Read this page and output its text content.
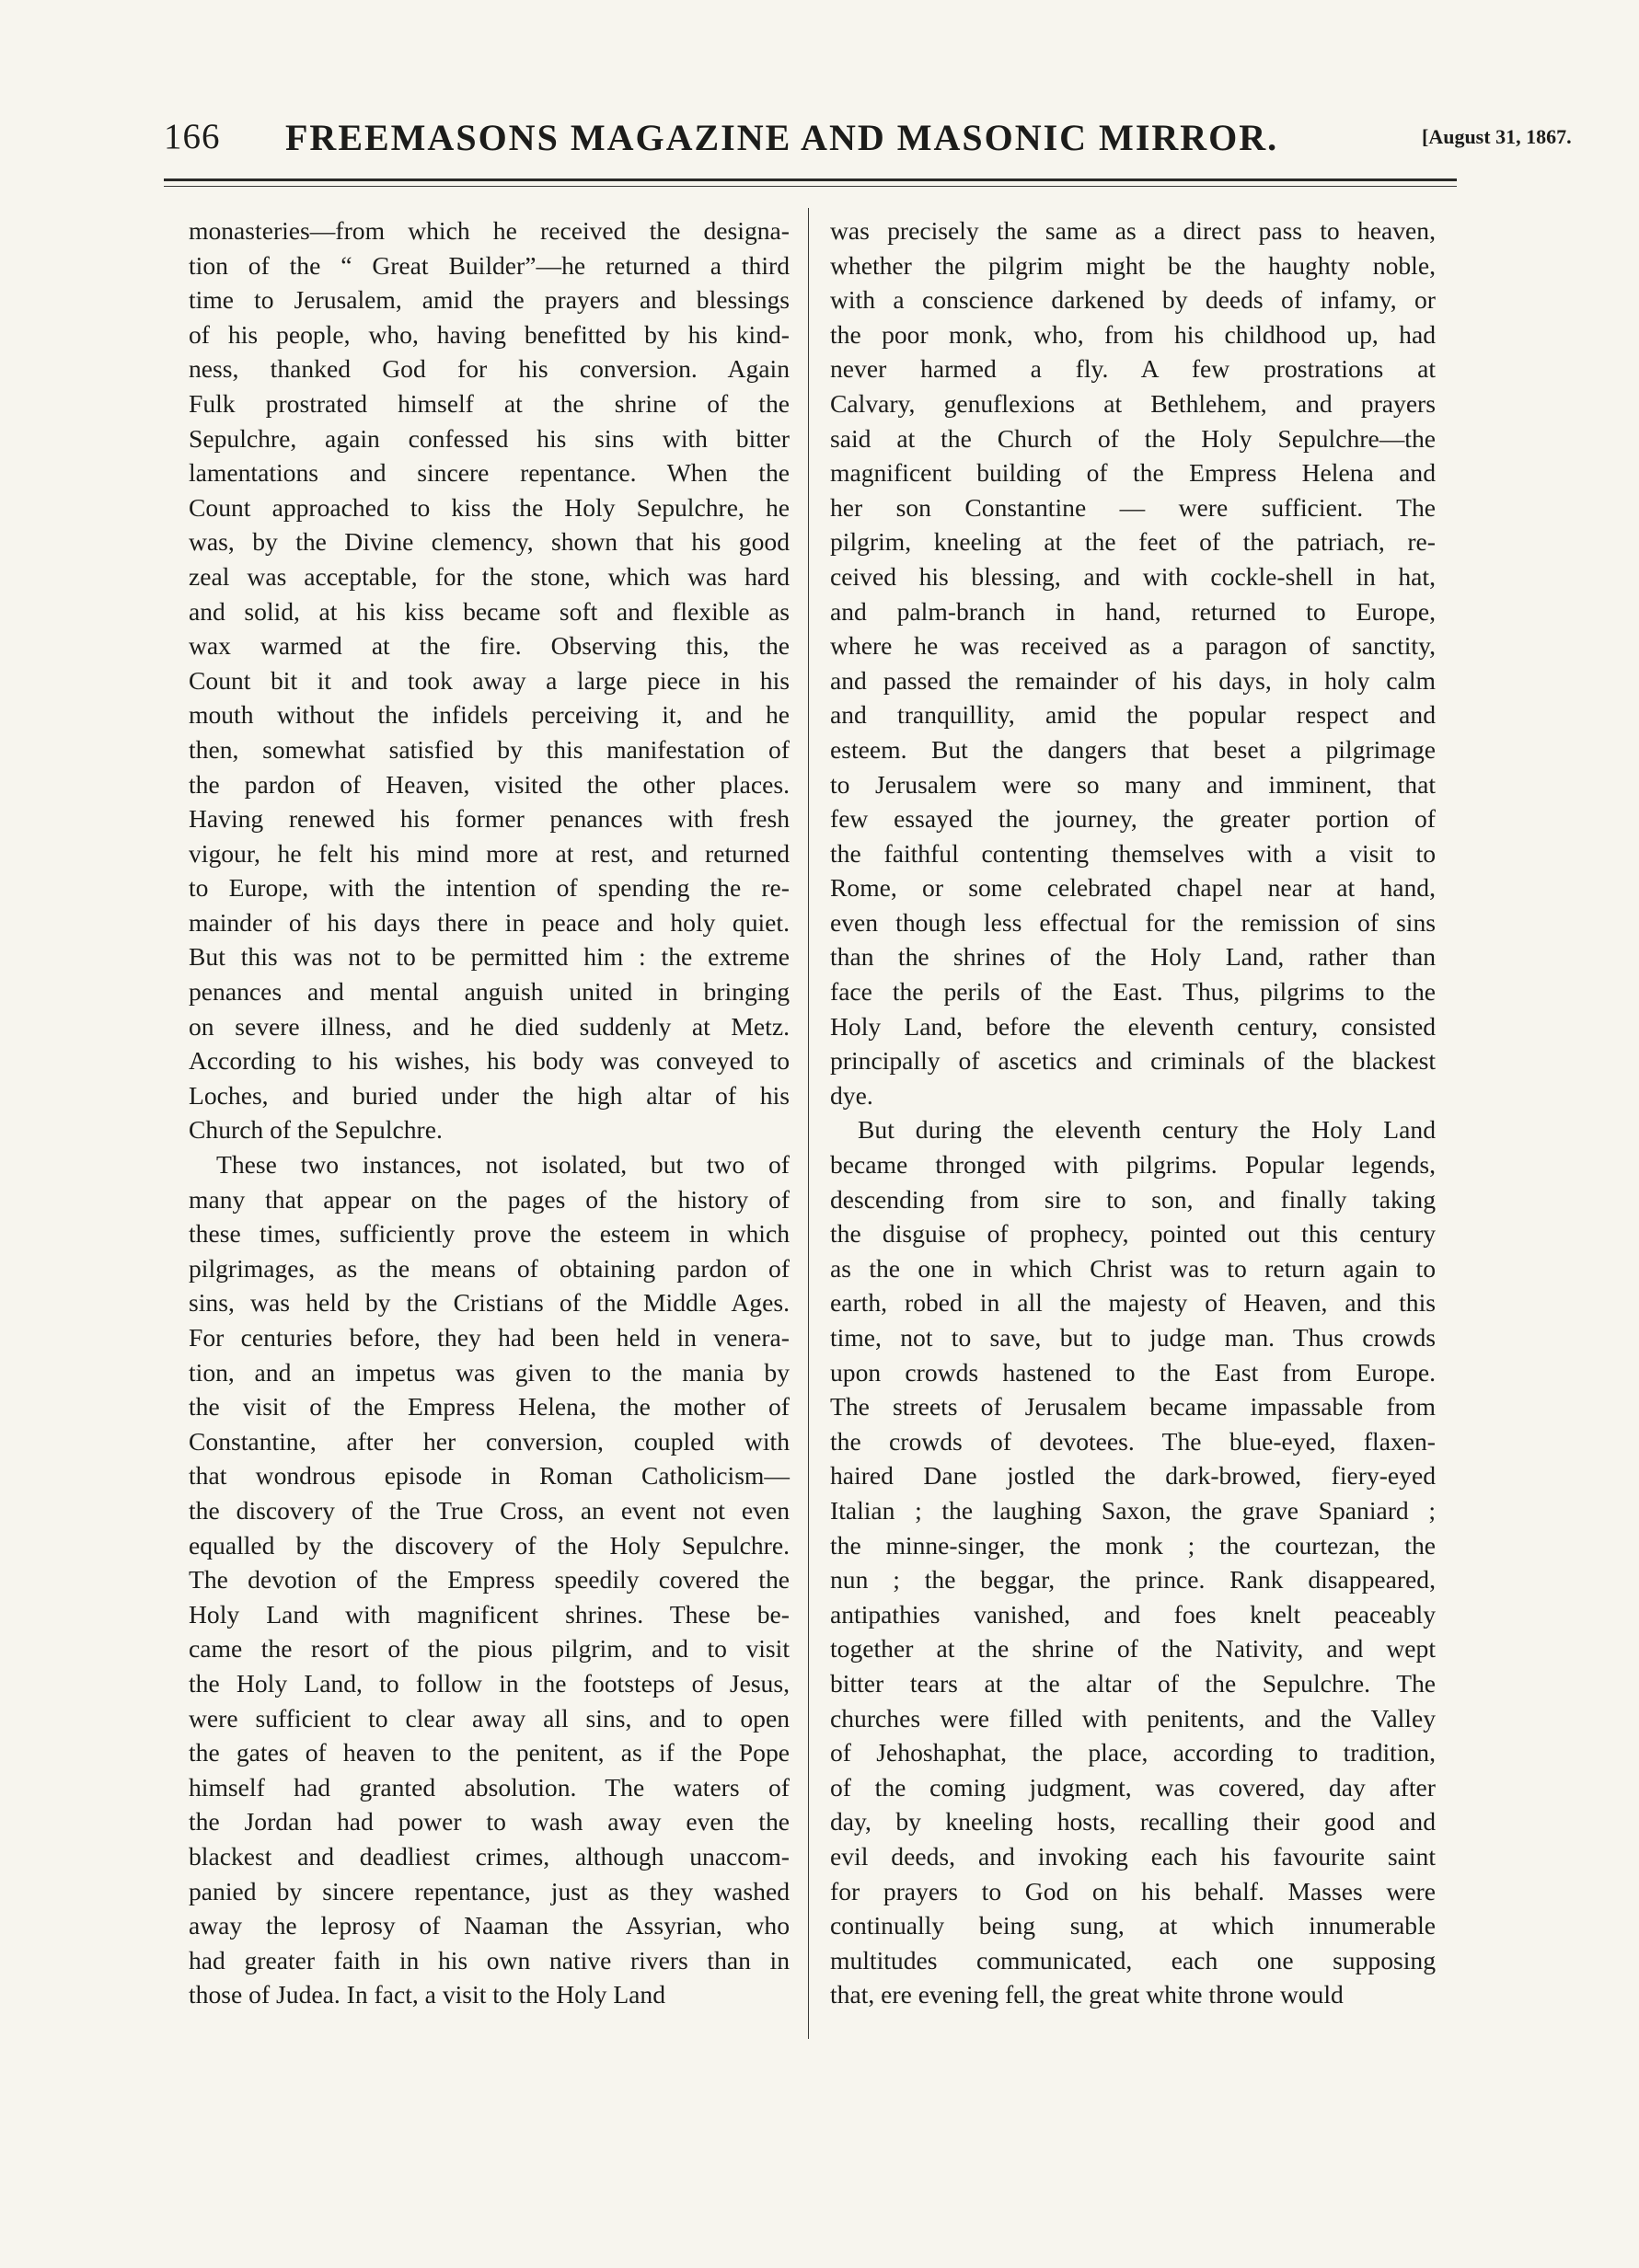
166 FREEMASONS MAGAZINE AND MASONIC MIRROR.	[August 31, 1867.
monasteries—from which he received the designa-
tion of the “ Great Builder”—he returned a third
time to Jerusalem, amid the prayers and blessings
of his people, who, having benefitted by his kind-
ness, thanked God for his conversion. Again
Fulk prostrated himself at the shrine of the
Sepulchre, again confessed his sins with bitter
lamentations and sincere repentance. When the
Count approached to kiss the Holy Sepulchre, he
was, by the Divine clemency, shown that his good
zeal was acceptable, for the stone, which was hard
and solid, at his kiss became soft and flexible as
wax warmed at the fire. Observing this, the
Count bit it and took away a large piece in his
mouth without the infidels perceiving it, and he
then, somewhat satisfied by this manifestation of
the pardon of Heaven, visited the other places.
Having renewed his former penances with fresh
vigour, he felt his mind more at rest, and returned
to Europe, with the intention of spending the re-
mainder of his days there in peace and holy quiet.
But this was not to be permitted him : the extreme
penances and mental anguish united in bringing
on severe illness, and he died suddenly at Metz.
According to his wishes, his body was conveyed to
Loches, and buried under the high altar of his
Church of the Sepulchre.
These two instances, not isolated, but two of
many that appear on the pages of the history of
these times, sufficiently prove the esteem in which
pilgrimages, as the means of obtaining pardon of
sins, was held by the Cristians of the Middle Ages.
For centuries before, they had been held in venera-
tion, and an impetus was given to the mania by
the visit of the Empress Helena, the mother of
Constantine, after her conversion, coupled with
that wondrous episode in Roman Catholicism—
the discovery of the True Cross, an event not even
equalled by the discovery of the Holy Sepulchre.
The devotion of the Empress speedily covered the
Holy Land with magnificent shrines. These be-
came the resort of the pious pilgrim, and to visit
the Holy Land, to follow in the footsteps of Jesus,
were sufficient to clear away all sins, and to open
the gates of heaven to the penitent, as if the Pope
himself had granted absolution. The waters of
the Jordan had power to wash away even the
blackest and deadliest crimes, although unaccom-
panied by sincere repentance, just as they washed
away the leprosy of Naaman the Assyrian, who
had greater faith in his own native rivers than in
those of Judea. In fact, a visit to the Holy Land
was precisely the same as a direct pass to heaven,
whether the pilgrim might be the haughty noble,
with a conscience darkened by deeds of infamy, or
the poor monk, who, from his childhood up, had
never harmed a fly. A few prostrations at
Calvary, genuflexions at Bethlehem, and prayers
said at the Church of the Holy Sepulchre—the
magnificent building of the Empress Helena and
her son Constantine — were sufficient. The
pilgrim, kneeling at the feet of the patriach, re-
ceived his blessing, and with cockle-shell in hat,
and palm-branch in hand, returned to Europe,
where he was received as a paragon of sanctity,
and passed the remainder of his days, in holy calm
and tranquillity, amid the popular respect and
esteem. But the dangers that beset a pilgrimage
to Jerusalem were so many and imminent, that
few essayed the journey, the greater portion of
the faithful contenting themselves with a visit to
Rome, or some celebrated chapel near at hand,
even though less effectual for the remission of sins
than the shrines of the Holy Land, rather than
face the perils of the East. Thus, pilgrims to the
Holy Land, before the eleventh century, consisted
principally of ascetics and criminals of the blackest
dye.
But during the eleventh century the Holy Land
became thronged with pilgrims. Popular legends,
descending from sire to son, and finally taking
the disguise of prophecy, pointed out this century
as the one in which Christ was to return again to
earth, robed in all the majesty of Heaven, and this
time, not to save, but to judge man. Thus crowds
upon crowds hastened to the East from Europe.
The streets of Jerusalem became impassable from
the crowds of devotees. The blue-eyed, flaxen-
haired Dane jostled the dark-browed, fiery-eyed
Italian ; the laughing Saxon, the grave Spaniard ;
the minne-singer, the monk ; the courtezan, the
nun ; the beggar, the prince. Rank disappeared,
antipathies vanished, and foes knelt peaceably
together at the shrine of the Nativity, and wept
bitter tears at the altar of the Sepulchre. The
churches were filled with penitents, and the Valley
of Jehoshaphat, the place, according to tradition,
of the coming judgment, was covered, day after
day, by kneeling hosts, recalling their good and
evil deeds, and invoking each his favourite saint
for prayers to God on his behalf. Masses were
continually being sung, at which innumerable
multitudes communicated, each one supposing
that, ere evening fell, the great white throne would
